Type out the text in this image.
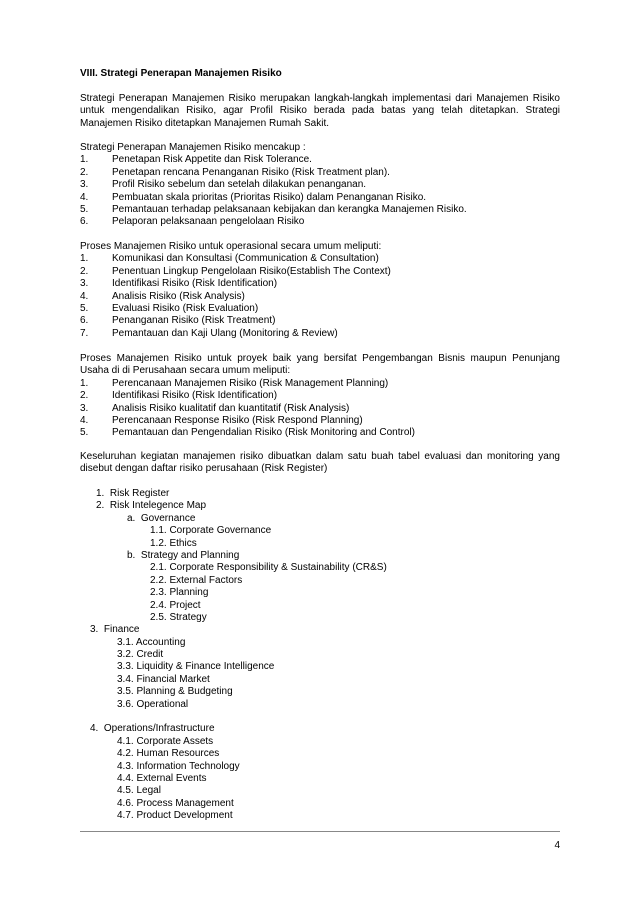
VIII. Strategi Penerapan Manajemen Risiko
Strategi Penerapan Manajemen Risiko merupakan langkah-langkah implementasi dari Manajemen Risiko untuk mengendalikan Risiko, agar Profil Risiko berada pada batas yang telah ditetapkan. Strategi Manajemen Risiko ditetapkan Manajemen Rumah Sakit.
Strategi Penerapan Manajemen Risiko mencakup :
1.	Penetapan Risk Appetite dan Risk Tolerance.
2.	Penetapan rencana Penanganan Risiko (Risk Treatment plan).
3.	Profil Risiko sebelum dan setelah dilakukan penanganan.
4.	Pembuatan skala prioritas (Prioritas Risiko) dalam Penanganan Risiko.
5.	Pemantauan terhadap pelaksanaan kebijakan dan kerangka Manajemen Risiko.
6.	Pelaporan pelaksanaan pengelolaan Risiko
Proses Manajemen Risiko untuk operasional secara umum meliputi:
1.	Komunikasi dan Konsultasi (Communication & Consultation)
2.	Penentuan Lingkup Pengelolaan Risiko(Establish The Context)
3.	Identifikasi Risiko (Risk Identification)
4.	Analisis Risiko (Risk Analysis)
5.	Evaluasi Risiko (Risk Evaluation)
6.	Penanganan Risiko (Risk Treatment)
7.	Pemantauan dan Kaji Ulang (Monitoring & Review)
Proses Manajemen Risiko untuk proyek baik yang bersifat Pengembangan Bisnis maupun Penunjang Usaha di di Perusahaan secara umum meliputi:
1.	Perencanaan Manajemen Risiko (Risk Management Planning)
2.	Identifikasi Risiko (Risk Identification)
3.	Analisis Risiko kualitatif dan kuantitatif (Risk Analysis)
4.	Perencanaan Response Risiko (Risk Respond Planning)
5.	Pemantauan dan Pengendalian Risiko (Risk Monitoring and Control)
Keseluruhan kegiatan manajemen risiko dibuatkan dalam satu buah tabel evaluasi dan monitoring yang disebut dengan daftar risiko perusahaan (Risk Register)
1.  Risk Register
2.  Risk Intelegence Map
a.  Governance
1.1. Corporate Governance
1.2. Ethics
b.  Strategy and Planning
2.1. Corporate Responsibility & Sustainability (CR&S)
2.2. External Factors
2.3. Planning
2.4. Project
2.5. Strategy
3.  Finance
3.1. Accounting
3.2. Credit
3.3. Liquidity & Finance Intelligence
3.4. Financial Market
3.5. Planning & Budgeting
3.6. Operational
4.  Operations/Infrastructure
4.1. Corporate Assets
4.2. Human Resources
4.3. Information Technology
4.4. External Events
4.5. Legal
4.6. Process Management
4.7. Product Development
4
